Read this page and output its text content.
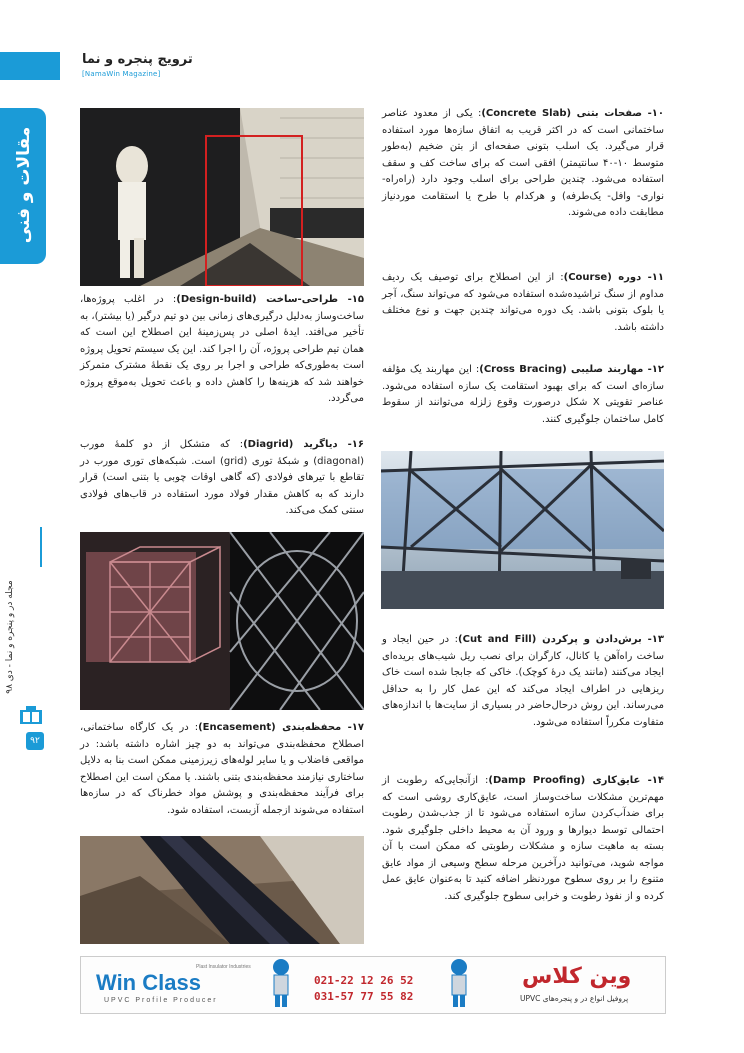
ترویج پنجره و نما
[NamaWin Magazine]
مقالات و فنی
مجله در و پنجره و نما - دی ۹۸
۹۲
۱۰- صفحات بتنی (Concrete Slab): یکی از معدود عناصر ساختمانی است که در اکثر قریب به اتفاق سازه‌ها مورد استفاده قرار می‌گیرد. یک اسلب بتونی صفحه‌ای از بتن ضخیم (به‌طور متوسط ۱۰-۴۰ سانتیمتر) افقی است که برای ساخت کف و سقف استفاده می‌شود. چندین طراحی برای اسلب وجود دارد (راه‌راه- نواری- وافل- یک‌طرفه) و هرکدام با طرح یا استقامت موردنیاز مطابقت داده می‌شوند.
۱۱- دوره (Course): از این اصطلاح برای توصیف یک ردیف مداوم از سنگ تراشیده‌شده استفاده می‌شود که می‌تواند سنگ، آجر یا بلوک بتونی باشد. یک دوره می‌تواند چندین جهت و نوع مختلف داشته باشد.
۱۲- مهاربند صلیبی (Cross Bracing): این مهاربند یک مؤلفه سازه‌ای است که برای بهبود استقامت یک سازه استفاده می‌شود. عناصر تقویتی X شکل درصورت وقوع زلزله می‌توانند از سقوط کامل ساختمان جلوگیری کنند.
۱۳- برش‌دادن و پرکردن (Cut and Fill): در حین ایجاد و ساخت راه‌آهن یا کانال، کارگران برای نصب ریل شیب‌های بریده‌ای ایجاد می‌کنند (مانند یک درهٔ کوچک). خاکی که جابجا شده است خاک ریزهایی در اطراف ایجاد می‌کند که این عمل کار را به حداقل می‌رساند. این روش درحال‌حاضر در بسیاری از سایت‌ها با اندازه‌های متفاوت مکرراً استفاده می‌شود.
۱۴- عایق‌کاری (Damp Proofing): ازآنجایی‌که رطوبت از مهم‌ترین مشکلات ساخت‌وساز است، عایق‌کاری روشی است که برای ضدآب‌کردن سازه استفاده می‌شود تا از جذب‌شدن رطوبت احتمالی توسط دیوارها و ورود آن به محیط داخلی جلوگیری شود. بسته به ماهیت سازه و مشکلات رطوبتی که ممکن است با آن مواجه شوید، می‌توانید درآخرین مرحله سطح وسیعی از مواد عایق متنوع را بر روی سطوح موردنظر اضافه کنید تا به‌عنوان عایق عمل کرده و از نفوذ رطوبت و خرابی سطوح جلوگیری کند.
۱۵- طراحی-ساخت (Design-build): در اغلب پروژه‌ها، ساخت‌وساز به‌دلیل درگیری‌های زمانی بین دو تیم درگیر (یا بیشتر)، به تأخیر می‌افتد. ایدهٔ اصلی در پس‌زمینهٔ این اصطلاح این است که همان تیم طراحی پروژه، آن را اجرا کند. این یک سیستم تحویل پروژه است به‌طوری‌که طراحی و اجرا بر روی یک نقطهٔ مشترک متمرکز خواهند شد که هزینه‌ها را کاهش داده و باعث تحویل به‌موقع پروژه می‌گردد.
۱۶- دیاگرید (Diagrid): که متشکل از دو کلمهٔ مورب (diagonal) و شبکهٔ توری (grid) است. شبکه‌های توری مورب در تقاطع با تیرهای فولادی (که گاهی اوقات چوبی یا بتنی است) قرار دارند که به کاهش مقدار فولاد مورد استفاده در قاب‌های فولادی سنتی کمک می‌کند.
۱۷- محفظه‌بندی (Encasement): در یک کارگاه ساختمانی، اصطلاح محفظه‌بندی می‌تواند به دو چیز اشاره داشته باشد: در مواقعی فاضلاب و یا سایر لوله‌های زیرزمینی ممکن است بنا به دلایل ساختاری نیازمند محفظه‌بندی بتنی باشند. یا ممکن است این اصطلاح برای فرآیند محفظه‌بندی و پوشش مواد خطرناک که در سازه‌ها استفاده می‌شوند ازجمله آزبست، استفاده شود.
Win Class
UPVC Profile Producer
Plast Insulator Industries
021-22 12 26 52
031-57 77 55 82
وین کلاس
پروفیل انواع در و پنجره‌های UPVC
